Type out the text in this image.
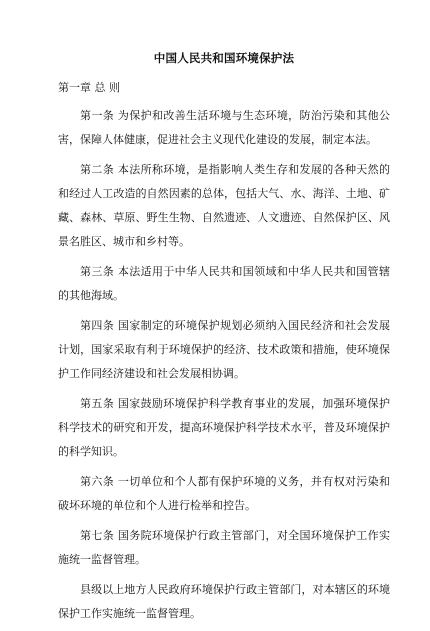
中国人民共和国环境保护法
第一章 总 则

第一条 为保护和改善生活环境与生态环境，防治污染和其他公害，保障人体健康，促进社会主义现代化建设的发展，制定本法。

第二条 本法所称环境，是指影响人类生存和发展的各种天然的和经过人工改造的自然因素的总体，包括大气、水、海洋、土地、矿藏、森林、草原、野生生物、自然遗迹、人文遗迹、自然保护区、风景名胜区、城市和乡村等。

第三条 本法适用于中华人民共和国领域和中华人民共和国管辖的其他海域。

第四条 国家制定的环境保护规划必须纳入国民经济和社会发展计划，国家采取有利于环境保护的经济、技术政策和措施，使环境保护工作同经济建设和社会发展相协调。

第五条 国家鼓励环境保护科学教育事业的发展，加强环境保护科学技术的研究和开发，提高环境保护科学技术水平，普及环境保护的科学知识。

第六条 一切单位和个人都有保护环境的义务，并有权对污染和破坏环境的单位和个人进行检举和控告。

第七条 国务院环境保护行政主管部门，对全国环境保护工作实施统一监督管理。

县级以上地方人民政府环境保护行政主管部门，对本辖区的环境保护工作实施统一监督管理。
